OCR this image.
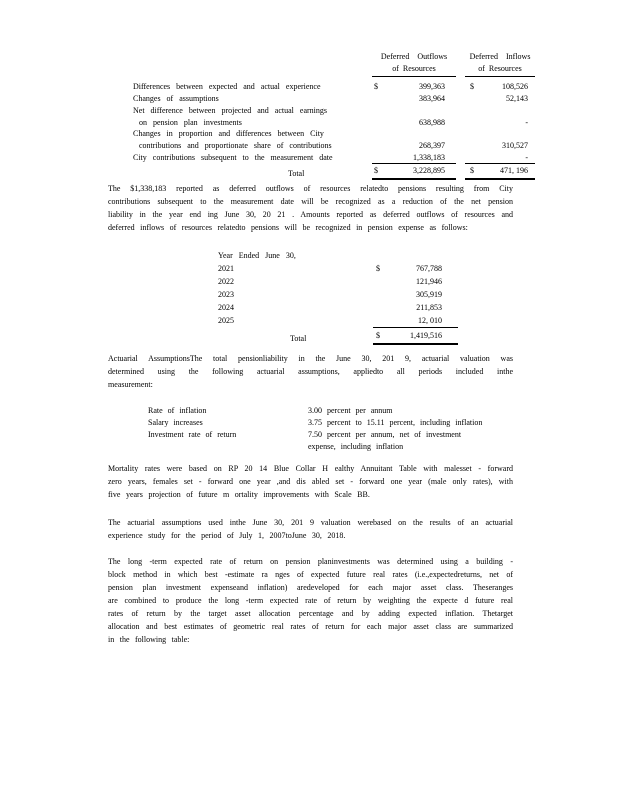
Deferred Outflows
of Resources
Deferred Inflows
of Resources
Differences between expected and actual experience	$	399,363	$	108,526
Changes of assumptions	383,964	52,143
Net difference between projected and actual earnings
on pension plan investments	638,988	-
Changes in proportion and differences between City
contributions and proportionate share of contributions	268,397	310,527
City contributions subsequent to the measurement date	1,338,183	-
Total	$	3,228,895	$	471, 196
The $1,338,183 reported as deferred outflows of resources relatedto pensions resulting from City
contributions subsequent to the measurement date will be recognized as a reduction of the net pension
liability in the year end ing June 30, 20 21 . Amounts reported as deferred outflows of resources and
deferred inflows of resources relatedto pensions will be recognized in pension expense as follows:
Year Ended June 30,
2021	$	767,788
2022	121,946
2023	305,919
2024	211,853
2025	12, 010
Total	$	1,419,516
Actuarial AssumptionsThe total pensionliability in the June 30, 201 9, actuarial valuation was
determined using the following actuarial assumptions, appliedto all periods included inthe
measurement:
Rate of inflation	3.00 percent per annum
Salary increases	3.75 percent to 15.11 percent, including inflation
Investment rate of return	7.50 percent per annum, net of investment
expense, including inflation
Mortality rates were based on RP 20 14 Blue Collar H ealthy Annuitant Table with malesset - forward
zero years, females set - forward one year ,and dis abled set - forward one year (male only rates), with
five years projection of future m ortality improvements with Scale BB.
The actuarial assumptions used inthe June 30, 201 9 valuation werebased on the results of an actuarial
experience study for the period of July 1, 2007toJune 30, 2018.
The long -term expected rate of return on pension planinvestments was determined using a building -
block method in which best -estimate ra nges of expected future real rates (i.e.,expectedreturns, net of
pension plan investment expenseand inflation) aredeveloped for each major asset class. Theseranges
are combined to produce the long -term expected rate of return by weighting the expecte d future real
rates of return by the target asset allocation percentage and by adding expected inflation. Thetarget
allocation and best estimates of geometric real rates of return for each major asset class are summarized
in the following table:
